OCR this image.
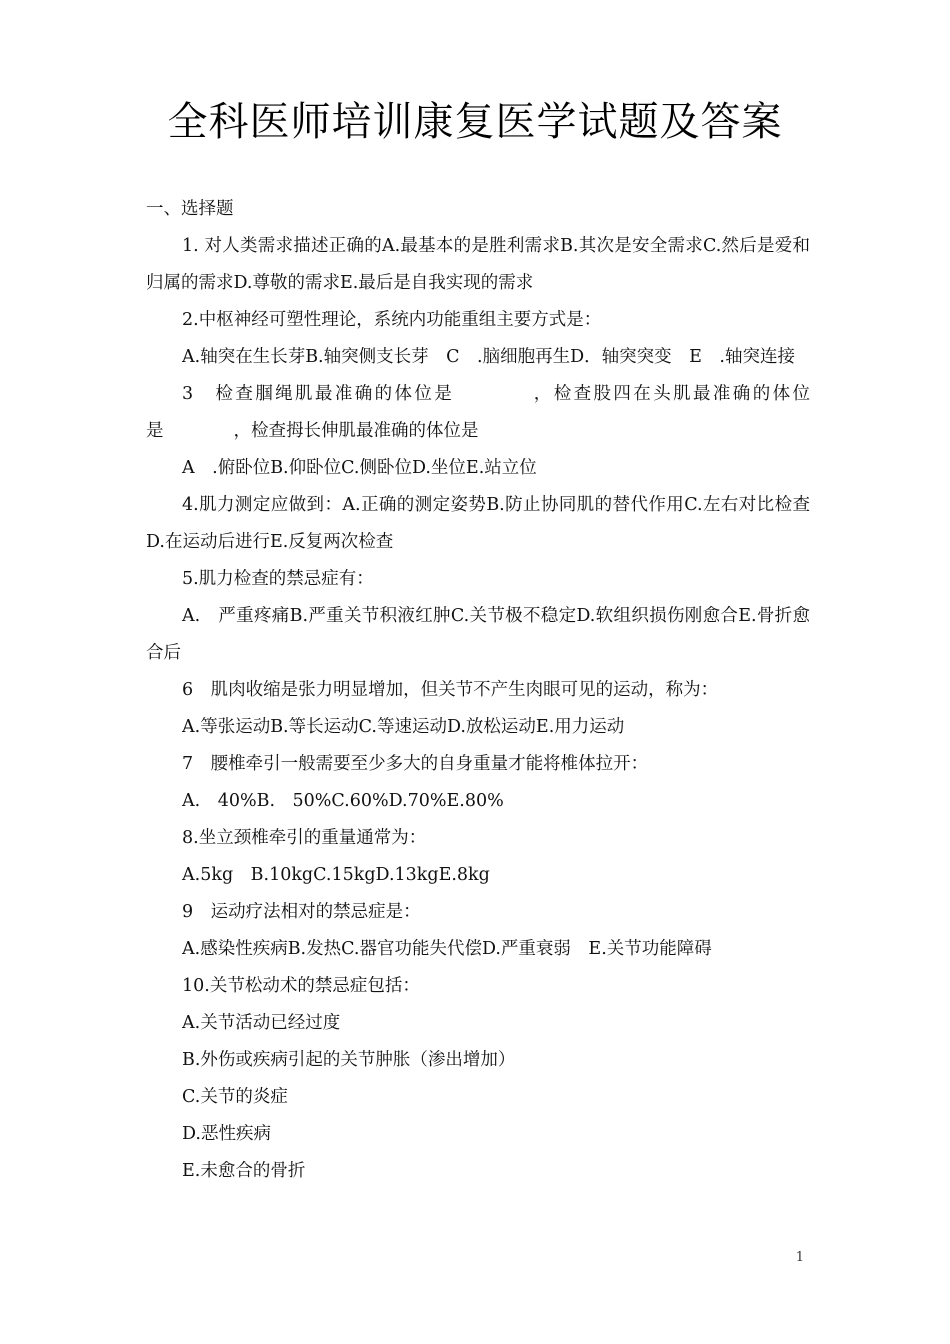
全科医师培训康复医学试题及答案

一、选择题

1. 对人类需求描述正确的A.最基本的是胜利需求B.其次是安全需求C.然后是爱和归属的需求D.尊敬的需求E.最后是自我实现的需求

2.中枢神经可塑性理论，系统内功能重组主要方式是：

A.轴突在生长芽B.轴突侧支长芽　C　.脑细胞再生D．轴突突变　E　.轴突连接

3　检查腘绳肌最准确的体位是　　　　，检查股四在头肌最准确的体位是　　　　，检查拇长伸肌最准确的体位是

A　.俯卧位B.仰卧位C.侧卧位D.坐位E.站立位

4.肌力测定应做到：A.正确的测定姿势B.防止协同肌的替代作用C.左右对比检查D.在运动后进行E.反复两次检查

5.肌力检查的禁忌症有：

A.　严重疼痛B.严重关节积液红肿C.关节极不稳定D.软组织损伤刚愈合E.骨折愈合后

6　肌肉收缩是张力明显增加，但关节不产生肉眼可见的运动，称为：

A.等张运动B.等长运动C.等速运动D.放松运动E.用力运动

7　腰椎牵引一般需要至少多大的自身重量才能将椎体拉开：

A.　40%B.　50%C.60%D.70%E.80%

8.坐立颈椎牵引的重量通常为：

A.5kg　B.10kgC.15kgD.13kgE.8kg

9　运动疗法相对的禁忌症是：

A.感染性疾病B.发热C.器官功能失代偿D.严重衰弱　E.关节功能障碍

10.关节松动术的禁忌症包括：

A.关节活动已经过度

B.外伤或疾病引起的关节肿胀（渗出增加）

C.关节的炎症

D.恶性疾病

E.未愈合的骨折

1
